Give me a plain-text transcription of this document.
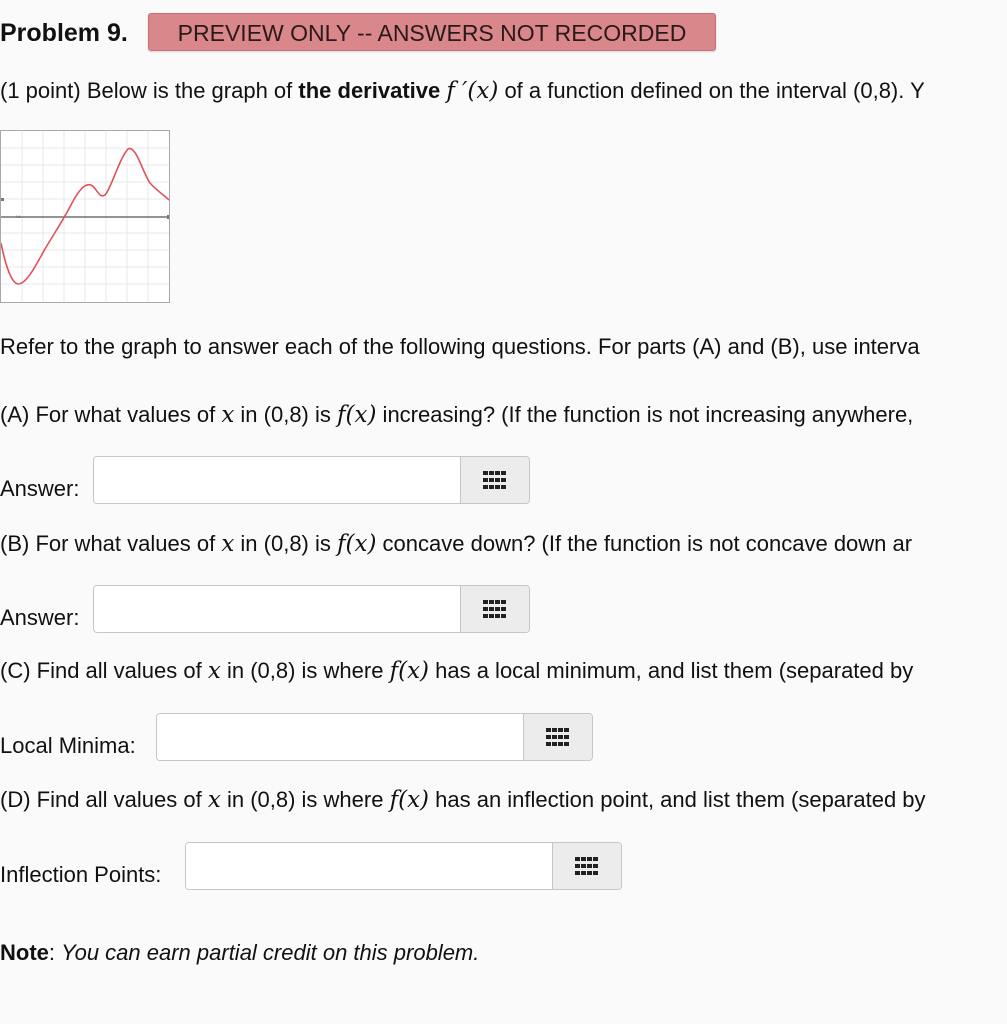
Problem 9.	PREVIEW ONLY -- ANSWERS NOT RECORDED
(1 point) Below is the graph of the derivative f ′(x) of a function defined on the interval (0,8). Y
4.6
Refer to the graph to answer each of the following questions. For parts (A) and (B), use interva
(A) For what values of x in (0,8) is f(x) increasing? (If the function is not increasing anywhere,
Answer:
(B) For what values of x in (0,8) is f(x) concave down? (If the function is not concave down ar
Answer:
(C) Find all values of x in (0,8) is where f(x) has a local minimum, and list them (separated by
Local Minima:
(D) Find all values of x in (0,8) is where f(x) has an inflection point, and list them (separated by
Inflection Points:
Note: You can earn partial credit on this problem.
